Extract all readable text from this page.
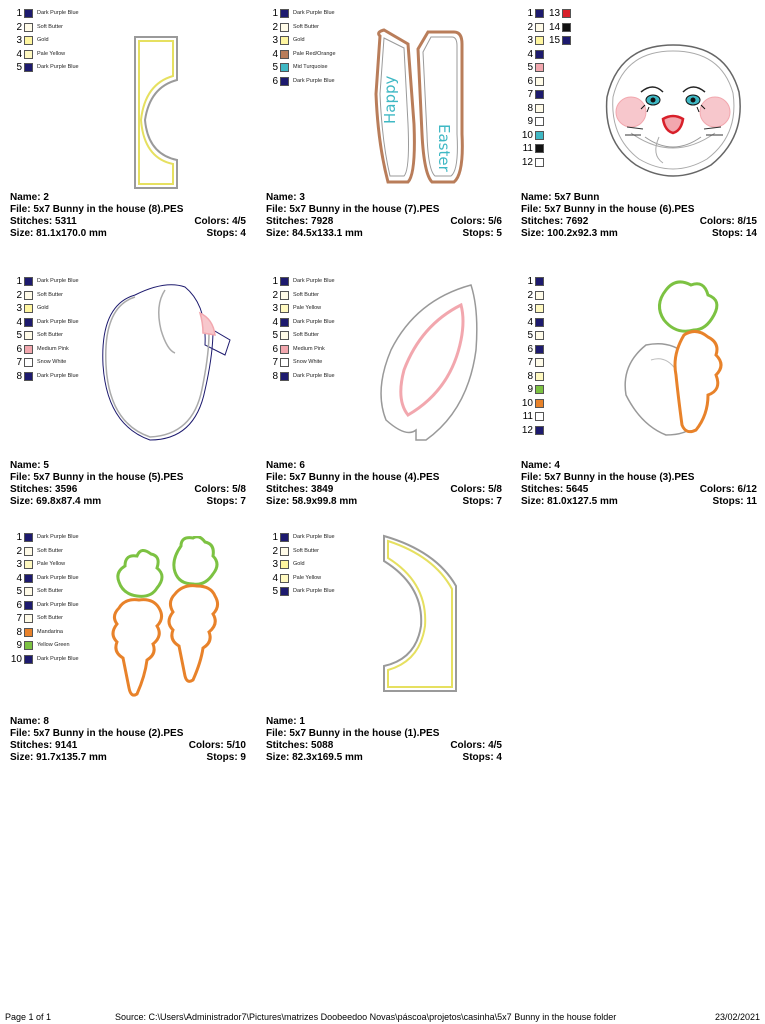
1	Dark Purple Blue
2	Soft Butter
3	Gold
4	Pale Yellow
5	Dark Purple Blue
Name: 2
File: 5x7 Bunny in the house (8).PES
Stitches: 5311	Colors: 4/5
Size: 81.1x170.0 mm	Stops: 4
1	Dark Purple Blue
2	Soft Butter
3	Gold
4	Pale Red/Orange
5	Mid Turquoise
6	Dark Purple Blue	Happy
Easter
Name: 3
File: 5x7 Bunny in the house (7).PES
Stitches: 7928	Colors: 5/6
Size: 84.5x133.1 mm	Stops: 5
1
2
3
4
5
6
7
8
9
10
11
12
13
14
15
Name: 5x7 Bunn
File: 5x7 Bunny in the house (6).PES
Stitches: 7692	Colors: 8/15
Size: 100.2x92.3 mm	Stops: 14
1	Dark Purple Blue
2	Soft Butter
3	Gold
4	Dark Purple Blue
5	Soft Butter
6	Medium Pink
7	Snow White
8	Dark Purple Blue
Name: 5
File: 5x7 Bunny in the house (5).PES
Stitches: 3596	Colors: 5/8
Size: 69.8x87.4 mm	Stops: 7
1	Dark Purple Blue
2	Soft Butter
3	Pale Yellow
4	Dark Purple Blue
5	Soft Butter
6	Medium Pink
7	Snow White
8	Dark Purple Blue
Name: 6
File: 5x7 Bunny in the house (4).PES
Stitches: 3849	Colors: 5/8
Size: 58.9x99.8 mm	Stops: 7
1
2
3
4
5
6
7
8
9
10
11
12
Name: 4
File: 5x7 Bunny in the house (3).PES
Stitches: 5645	Colors: 6/12
Size: 81.0x127.5 mm	Stops: 11
1	Dark Purple Blue
2	Soft Butter
3	Pale Yellow
4	Dark Purple Blue
5	Soft Butter
6	Dark Purple Blue
7	Soft Butter
8	Mandarina
9	Yellow Green
10	Dark Purple Blue
Name: 8
File: 5x7 Bunny in the house (2).PES
Stitches: 9141	Colors: 5/10
Size: 91.7x135.7 mm	Stops: 9
1	Dark Purple Blue
2	Soft Butter
3	Gold
4	Pale Yellow
5	Dark Purple Blue
Name: 1
File: 5x7 Bunny in the house (1).PES
Stitches: 5088	Colors: 4/5
Size: 82.3x169.5 mm	Stops: 4
Page 1 of 1	Source: C:\Users\Administrador7\Pictures\matrizes Doobeedoo Novas\páscoa\projetos\casinha\5x7 Bunny in the house folder	23/02/2021
